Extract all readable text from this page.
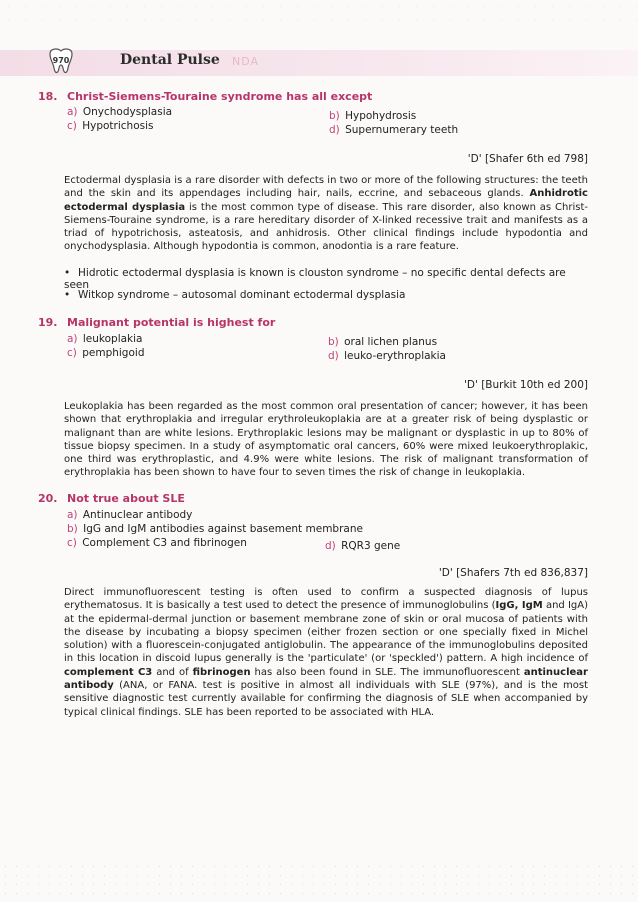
970	Dental Pulse NDA
18. Christ-Siemens-Touraine syndrome has all except
a) Onychodysplasia	b) Hypohydrosis
c) Hypotrichosis	d) Supernumerary teeth
'D' [Shafer 6th ed 798]
Ectodermal dysplasia is a rare disorder with defects in two or more of the following structures: the teeth and the skin and its appendages including hair, nails, eccrine, and sebaceous glands. Anhidrotic ectodermal dysplasia is the most common type of disease. This rare disorder, also known as Christ-Siemens-Touraine syndrome, is a rare hereditary disorder of X-linked recessive trait and manifests as a triad of hypotrichosis, asteatosis, and anhidrosis. Other clinical findings include hypodontia and onychodysplasia. Although hypodontia is common, anodontia is a rare feature.
• Hidrotic ectodermal dysplasia is known is clouston syndrome – no specific dental defects are seen
• Witkop syndrome – autosomal dominant ectodermal dysplasia
19. Malignant potential is highest for
a) leukoplakia	b) oral lichen planus
c) pemphigoid	d) leuko-erythroplakia
'D' [Burkit 10th ed 200]
Leukoplakia has been regarded as the most common oral presentation of cancer; however, it has been shown that erythroplakia and irregular erythroleukoplakia are at a greater risk of being dysplastic or malignant than are white lesions. Erythroplakic lesions may be malignant or dysplastic in up to 80% of tissue biopsy specimen. In a study of asymptomatic oral cancers, 60% were mixed leukoerythroplakic, one third was erythroplastic, and 4.9% were white lesions. The risk of malignant transformation of erythroplakia has been shown to have four to seven times the risk of change in leukoplakia.
20. Not true about SLE
a) Antinuclear antibody
b) IgG and IgM antibodies against basement membrane
c) Complement C3 and fibrinogen	d) RQR3 gene
'D' [Shafers 7th ed 836,837]
Direct immunofluorescent testing is often used to confirm a suspected diagnosis of lupus erythematosus. It is basically a test used to detect the presence of immunoglobulins (IgG, IgM and IgA) at the epidermal-dermal junction or basement membrane zone of skin or oral mucosa of patients with the disease by incubating a biopsy specimen (either frozen section or one specially fixed in Michel solution) with a fluorescein-conjugated antiglobulin. The appearance of the immunoglobulins deposited in this location in discoid lupus generally is the 'particulate' (or 'speckled') pattern. A high incidence of complement C3 and of fibrinogen has also been found in SLE. The immunofluorescent antinuclear antibody (ANA, or FANA. test is positive in almost all individuals with SLE (97%), and is the most sensitive diagnostic test currently available for confirming the diagnosis of SLE when accompanied by typical clinical findings. SLE has been reported to be associated with HLA.
